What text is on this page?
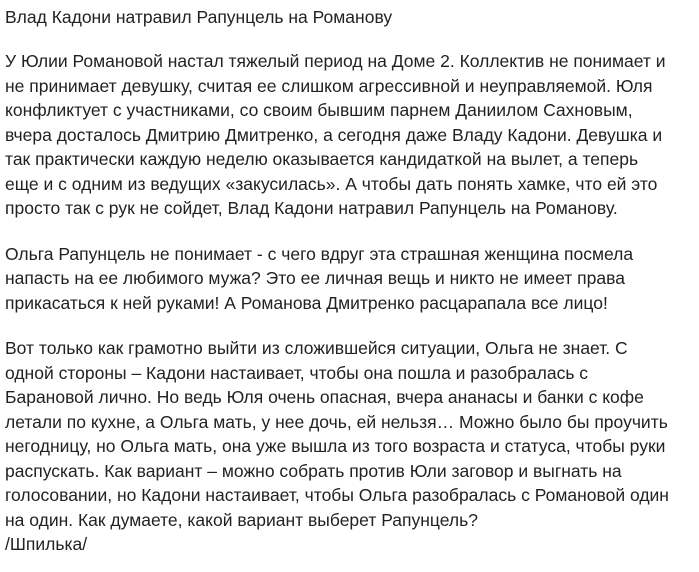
Влад Кадони натравил Рапунцель на Романову

У Юлии Романовой настал тяжелый период на Доме 2. Коллектив не понимает и
не принимает девушку, считая ее слишком агрессивной и неуправляемой. Юля
конфликтует с участниками, со своим бывшим парнем Даниилом Сахновым,
вчера досталось Дмитрию Дмитренко, а сегодня даже Владу Кадони. Девушка и
так практически каждую неделю оказывается кандидаткой на вылет, а теперь
еще и с одним из ведущих «закусилась». А чтобы дать понять хамке, что ей это
просто так с рук не сойдет, Влад Кадони натравил Рапунцель на Романову.

Ольга Рапунцель не понимает - с чего вдруг эта страшная женщина посмела
напасть на ее любимого мужа? Это ее личная вещь и никто не имеет права
прикасаться к ней руками! А Романова Дмитренко расцарапала все лицо!

Вот только как грамотно выйти из сложившейся ситуации, Ольга не знает. С
одной стороны – Кадони настаивает, чтобы она пошла и разобралась с
Барановой лично. Но ведь Юля очень опасная, вчера ананасы и банки с кофе
летали по кухне, а Ольга мать, у нее дочь, ей нельзя… Можно было бы проучить
негодницу, но Ольга мать, она уже вышла из того возраста и статуса, чтобы руки
распускать. Как вариант – можно собрать против Юли заговор и выгнать на
голосовании, но Кадони настаивает, чтобы Ольга разобралась с Романовой один
на один. Как думаете, какой вариант выберет Рапунцель?

/Шпилька/
